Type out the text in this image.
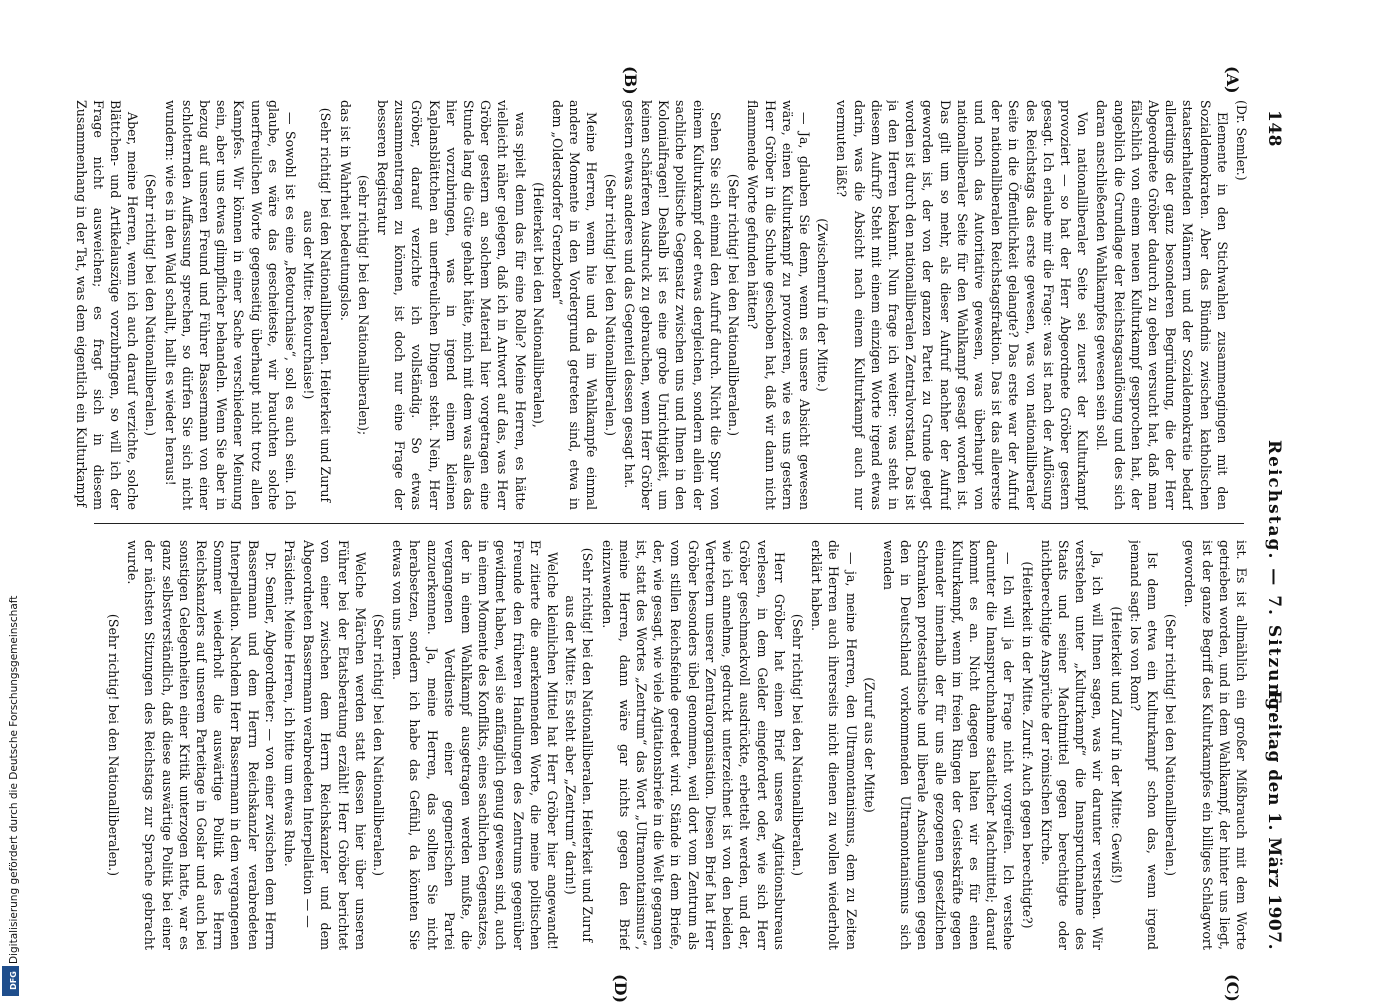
148
Reichstag. — 7. Sitzung.
Freitag den 1. März 1907.
(A)
(B)
(C)
(D)

(Dr. Semler.)

Elemente in den Stichwahlen zusammengingen mit den Sozialdemokraten. Aber das Bündnis zwischen katholischen staatserhaltenden Männern und der Sozialdemokratie bedarf allerdings der ganz besonderen Begründung, die der Herr Abgeordnete Gröber dadurch zu geben versucht hat, daß man fälschlich von einem neuen Kulturkampf gesprochen hat, der angeblich die Grundlage der Reichstagsauflösung und des sich daran anschließenden Wahlkampfes gewesen sein soll.

Von nationalliberaler Seite sei zuerst der Kulturkampf provoziert — so hat der Herr Abgeordnete Gröber gestern gesagt. Ich erlaube mir die Frage: was ist nach der Auflösung des Reichstags das erste gewesen, was von nationalliberaler Seite in die Öffentlichkeit gelangte? Das erste war der Aufruf der nationalliberalen Reichstagsfraktion. Das ist das allererste und noch das Autoritative gewesen, was überhaupt von nationalliberaler Seite für den Wahlkampf gesagt worden ist. Das gilt um so mehr, als dieser Aufruf nachher der Aufruf geworden ist, der von der ganzen Partei zu Grunde gelegt worden ist durch den nationalliberalen Zentralvorstand. Das ist ja den Herren bekannt. Nun frage ich weiter: was steht in diesem Aufruf? Steht mit einem einzigen Worte irgend etwas darin, was die Absicht nach einem Kulturkampf auch nur vermuten läßt?

(Zwischenruf in der Mitte.)

— Ja, glauben Sie denn, wenn es unsere Absicht gewesen wäre, einen Kulturkampf zu provozieren, wie es uns gestern Herr Gröber in die Schuhe geschoben hat, daß wir dann nicht flammende Worte gefunden hätten?

(Sehr richtig! bei den Nationalliberalen.)

Sehen Sie sich einmal den Aufruf durch. Nicht die Spur von einem Kulturkampf oder etwas dergleichen, sondern allein der sachliche politische Gegensatz zwischen uns und Ihnen in den Kolonialfragen! Deshalb ist es eine grobe Unrichtigkeit, um keinen schärferen Ausdruck zu gebrauchen, wenn Herr Gröber gestern etwas anderes und das Gegenteil dessen gesagt hat.

(Sehr richtig! bei den Nationalliberalen.)

Meine Herren, wenn hie und da im Wahlkampfe einmal andere Momente in den Vordergrund getreten sind, etwa in dem „Oldersdorfer Grenzboten“

(Heiterkeit bei den Nationalliberalen),

was spielt denn das für eine Rolle? Meine Herren, es hätte vielleicht näher gelegen, daß ich in Antwort auf das, was Herr Gröber gestern an solchem Material hier vorgetragen eine Stunde lang die Güte gehabt hätte, mich mit dem was alles das hier vorzubringen, was in irgend einem kleinen Kaplansblättchen an unerfreulichen Dingen steht. Nein, Herr Gröber, darauf verzichte ich vollständig. So etwas zusammentragen zu können, ist doch nur eine Frage der besseren Registratur

(sehr richtig! bei den Nationalliberalen);

das ist in Wahrheit bedeutungslos.

(Sehr richtig! bei den Nationalliberalen. Heiterkeit und Zuruf aus der Mitte: Retourchaise!)

— Sowohl ist es eine „Retourchaise“, soll es auch sein. Ich glaube, es wäre das gescheiteste, wir brauchten solche unerfreulichen Worte gegenseitig überhaupt nicht trotz allen Kampfes. Wir können in einer Sache verschiedener Meinung sein, aber uns etwas glimpflicher behandeln. Wenn Sie aber in bezug auf unseren Freund und Führer Bassermann von einer schlotternden Auffassung sprechen, so dürfen Sie sich nicht wundern: wie es in den Wald schallt, hallt es wieder heraus!

(Sehr richtig! bei den Nationalliberalen.)

Aber, meine Herren, wenn ich auch darauf verzichte, solche Blättchen- und Artikelauszüge vorzubringen, so will ich der Frage nicht ausweichen; es fragt sich in diesem Zusammenhang in der Tat, was dem eigentlich ein Kulturkampf

ist. Es ist allmählich ein großer Mißbrauch mit dem Worte getrieben worden, und in dem Wahlkampf, der hinter uns liegt, ist der ganze Begriff des Kulturkampfes ein billiges Schlagwort geworden.

(Sehr richtig! bei den Nationalliberalen.)

Ist denn etwa ein Kulturkampf schon das, wenn irgend jemand sagt: los von Rom?

(Heiterkeit und Zuruf in der Mitte: Gewiß!)

Ja, ich will Ihnen sagen, was wir darunter verstehen. Wir verstehen unter „Kulturkampf“ die Inanspruchnahme des Staats und seiner Machtmittel gegen berechtigte oder nichtberechtigte Ansprüche der römischen Kirche.

(Heiterkeit in der Mitte. Zuruf: Auch gegen berechtigte?)

— Ich will ja der Frage nicht vorgreifen. Ich verstehe darunter die Inanspruchnahme staatlicher Machtmittel; darauf kommt es an. Nicht dagegen halten wir es für einen Kulturkampf, wenn im freien Ringen der Geisteskräfte gegen einander innerhalb der für uns alle gezogenen gesetzlichen Schranken protestantische und liberale Anschauungen gegen den in Deutschland vorkommenden Ultramontanismus sich wenden

(Zuruf aus der Mitte)

— ja, meine Herren, den Ultramontanismus, dem zu Zeiten die Herren auch ihrerseits nicht dienen zu wollen wiederholt erklärt haben.

(Sehr richtig! bei den Nationalliberalen.)

Herr Gröber hat einen Brief unseres Agitationsbureaus verlesen, in dem Gelder eingefordert oder, wie sich Herr Gröber geschmackvoll ausdrückte, erbettelt werden, und der, wie ich annehme, gedruckt unterzeichnet ist von den beiden Vertretern unserer Zentralorganisation. Diesen Brief hat Herr Gröber besonders übel genommen, weil dort vom Zentrum als vom stillen Reichsfeinde geredet wird. Stände in dem Briefe, der, wie gesagt, wie viele Agitationsbriefe in die Welt gegangen ist, statt des Wortes „Zentrum“ das Wort „Ultramontanismus“, meine Herren, dann wäre gar nichts gegen den Brief einzuwenden.

(Sehr richtig! bei den Nationalliberalen. Heiterkeit und Zuruf aus der Mitte: Es steht aber „Zentrum“ darin!)

Welche kleinlichen Mittel hat Herr Gröber hier angewandt! Er zitierte die anerkennenden Worte, die meine politischen Freunde den früheren Handlungen des Zentrums gegenüber gewidmet haben, weil sie anfänglich genug gewesen sind, auch in einem Momente des Konflikts, eines sachlichen Gegensatzes, der in einem Wahlkampf ausgetragen werden mußte, die vergangenen Verdienste einer gegnerischen Partei anzuerkennen. Ja, meine Herren, das sollten Sie nicht herabsetzen, sondern ich habe das Gefühl, da könnten Sie etwas von uns lernen.

(Sehr richtig! bei den Nationalliberalen.)

Welche Märchen werden statt dessen hier über unseren Führer bei der Etatsberatung erzählt! Herr Gröber berichtet von einer zwischen dem Herrn Reichskanzler und dem Abgeordneten Bassermann verabredeten Interpellation — —

Präsident: Meine Herren, ich bitte um etwas Ruhe.

Dr. Semler, Abgeordneter: — von einer zwischen dem Herrn Bassermann und dem Herrn Reichskanzler verabredeten Interpellation. Nachdem Herr Bassermann in dem vergangenen Sommer wiederholt die auswärtige Politik des Herrn Reichskanzlers auf unserem Parteitage in Goslar und auch bei sonstigen Gelegenheiten einer Kritik unterzogen hatte, war es ganz selbstverständlich, daß diese auswärtige Politik bei einer der nächsten Sitzungen des Reichstags zur Sprache gebracht wurde.

(Sehr richtig! bei den Nationalliberalen.)

Digitalisierung gefördert durch die Deutsche Forschungsgemeinschaft
DFG
